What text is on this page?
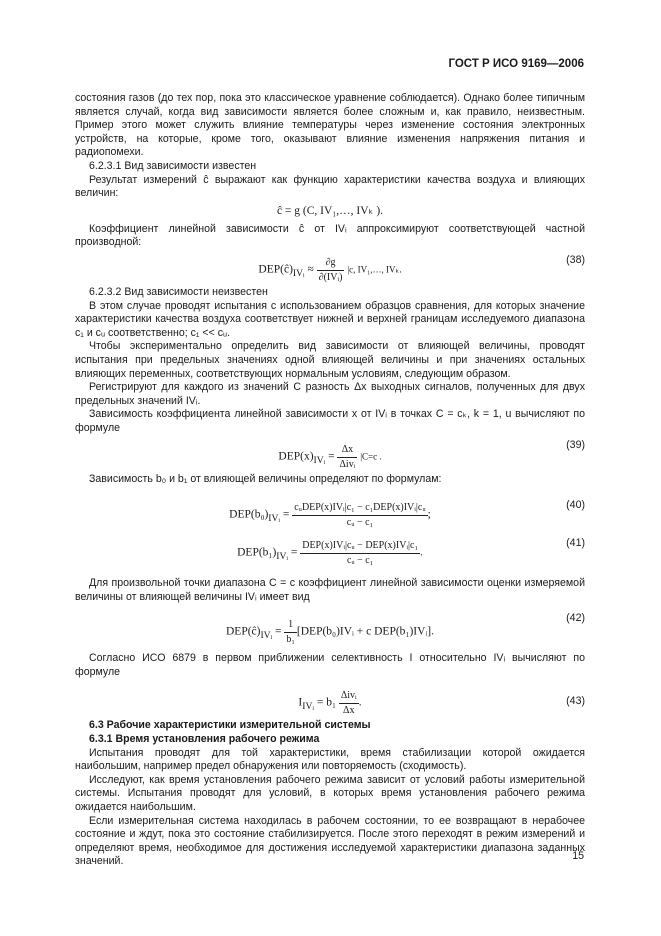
ГОСТ Р ИСО 9169—2006

состояния газов (до тех пор, пока это классическое уравнение соблюдается). Однако более типичным является случай, когда вид зависимости является более сложным и, как правило, неизвестным. Пример этого может служить влияние температуры через изменение состояния электронных устройств, на которые, кроме того, оказывают влияние изменения напряжения питания и радиопомехи.

6.2.3.1 Вид зависимости известен

Результат измерений ĉ выражают как функцию характеристики качества воздуха и влияющих величин:

ĉ = g (C, IV₁,…, IVₖ ).

Коэффициент линейной зависимости ĉ от IVᵢ аппроксимируют соответствующей частной производной:

$DEP(ĉ)_{IVᵢ} \approx \frac{\partial g}{\text{∂(IVᵢ)}} |c$, IV₁,…, IVₖ.
(38)

6.2.3.2 Вид зависимости неизвестен

В этом случае проводят испытания с использованием образцов сравнения, для которых значение характеристики качества воздуха соответствует нижней и верхней границам исследуемого диапазона c₁ и cᵤ соответственно; c₁ << cᵤ.

Чтобы экспериментально определить вид зависимости от влияющей величины, проводят испытания при предельных значениях одной влияющей величины и при значениях остальных влияющих переменных, соответствующих нормальным условиям, следующим образом.

Регистрируют для каждого из значений C разность Δx выходных сигналов, полученных для двух предельных значений IVᵢ.

Зависимость коэффициента линейной зависимости x от IVᵢ в точках C = cₖ, k = 1, u вычисляют по формуле

$DEP(x)_{IVᵢ} = \frac{\Delta x}{\text{Δivᵢ}} |C=c$ .
(39)

Зависимость b₀ и b₁ от влияющей величины определяют по формулам:

$DEP(b_0)_{IVᵢ} = \frac{\text{cᵤDEP(x)IVᵢ|c₁ − c₁DEP(x)IVᵢ|cᵤ}}{\text{cᵤ − c₁}}$ ;
(40)
$DEP(b_1)_{IVᵢ} = \frac{\text{DEP(x)IVᵢ|cᵤ − DEP(x)IVᵢ|c₁}}{\text{cᵤ − c₁}}$ .
(41)

Для произвольной точки диапазона C = c коэффициент линейной зависимости оценки измеряемой величины от влияющей величины IVᵢ имеет вид

$DEP(ĉ)_{IVᵢ} = \frac{1}{\text{b₁}}$ [DEP(b₀)IVᵢ + c DEP(b₁)IVᵢ].
(42)

Согласно ИСО 6879 в первом приближении селективность I относительно IVᵢ вычисляют по формуле

$I_{IVᵢ} = b_1 \frac{\text{Δivᵢ}}{\Delta x}$ .	(43)

6.3 Рабочие характеристики измерительной системы

6.3.1 Время установления рабочего режима

Испытания проводят для той характеристики, время стабилизации которой ожидается наибольшим, например предел обнаружения или повторяемость (сходимость).

Исследуют, как время установления рабочего режима зависит от условий работы измерительной системы. Испытания проводят для условий, в которых время установления рабочего режима ожидается наибольшим.

Если измерительная система находилась в рабочем состоянии, то ее возвращают в нерабочее состояние и ждут, пока это состояние стабилизируется. После этого переходят в режим измерений и определяют время, необходимое для достижения исследуемой характеристики диапазона заданных значений.	15
